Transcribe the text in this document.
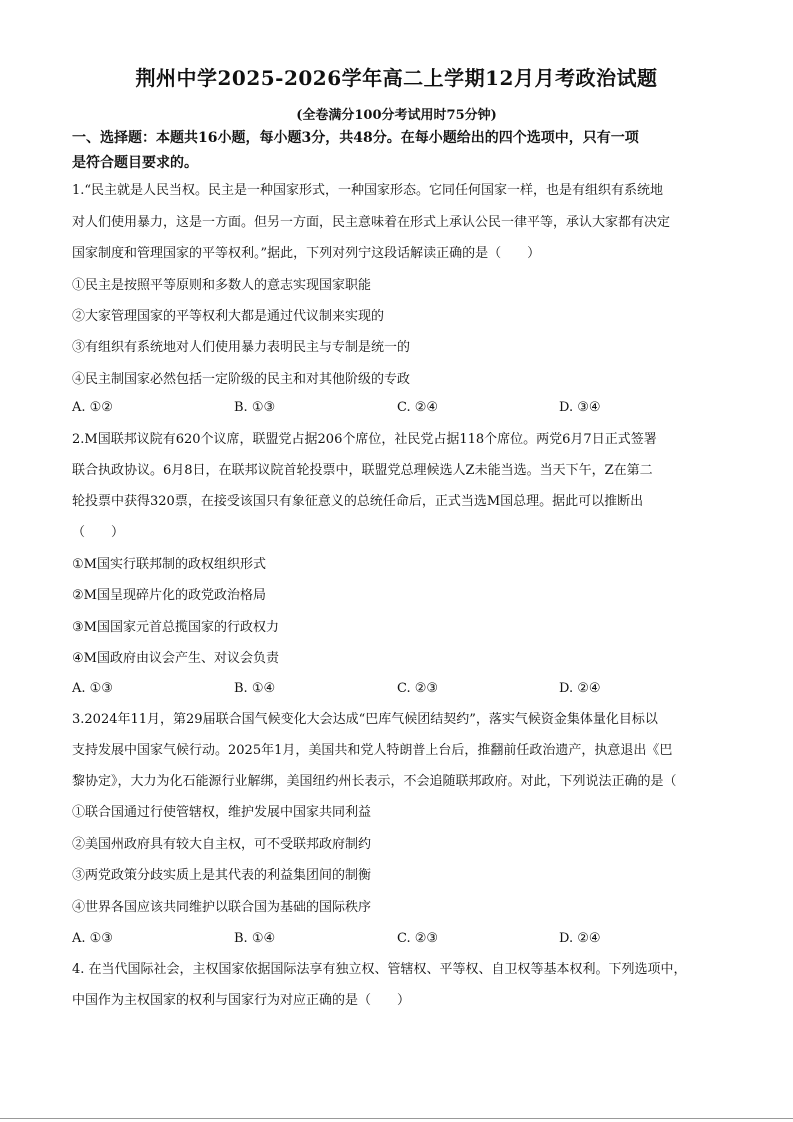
荆州中学2025-2026学年高二上学期12月月考政治试题
(全卷满分100分考试用时75分钟)
一、选择题：本题共16小题，每小题3分，共48分。在每小题给出的四个选项中，只有一项
是符合题目要求的。
1.“民主就是人民当权。民主是一种国家形式，一种国家形态。它同任何国家一样，也是有组织有系统地
对人们使用暴力，这是一方面。但另一方面，民主意味着在形式上承认公民一律平等，承认大家都有决定
国家制度和管理国家的平等权利。”据此，下列对列宁这段话解读正确的是（　　）
①民主是按照平等原则和多数人的意志实现国家职能
②大家管理国家的平等权利大都是通过代议制来实现的
③有组织有系统地对人们使用暴力表明民主与专制是统一的
④民主制国家必然包括一定阶级的民主和对其他阶级的专政
A. ①②	B. ①③	C. ②④	D. ③④
2.M国联邦议院有620个议席，联盟党占据206个席位，社民党占据118个席位。两党6月7日正式签署
联合执政协议。6月8日，在联邦议院首轮投票中，联盟党总理候选人Z未能当选。当天下午，Z在第二
轮投票中获得320票，在接受该国只有象征意义的总统任命后，正式当选M国总理。据此可以推断出
（　　）
①M国实行联邦制的政权组织形式
②M国呈现碎片化的政党政治格局
③M国国家元首总揽国家的行政权力
④M国政府由议会产生、对议会负责
A. ①③	B. ①④	C. ②③	D. ②④
3.2024年11月，第29届联合国气候变化大会达成“巴库气候团结契约”，落实气候资金集体量化目标以
支持发展中国家气候行动。2025年1月，美国共和党人特朗普上台后，推翻前任政治遗产，执意退出《巴
黎协定》，大力为化石能源行业解绑，美国纽约州长表示，不会追随联邦政府。对此，下列说法正确的是（
①联合国通过行使管辖权，维护发展中国家共同利益
②美国州政府具有较大自主权，可不受联邦政府制约
③两党政策分歧实质上是其代表的利益集团间的制衡
④世界各国应该共同维护以联合国为基础的国际秩序
A. ①③	B. ①④	C. ②③	D. ②④
4. 在当代国际社会，主权国家依据国际法享有独立权、管辖权、平等权、自卫权等基本权利。下列选项中，
中国作为主权国家的权利与国家行为对应正确的是（　　）
